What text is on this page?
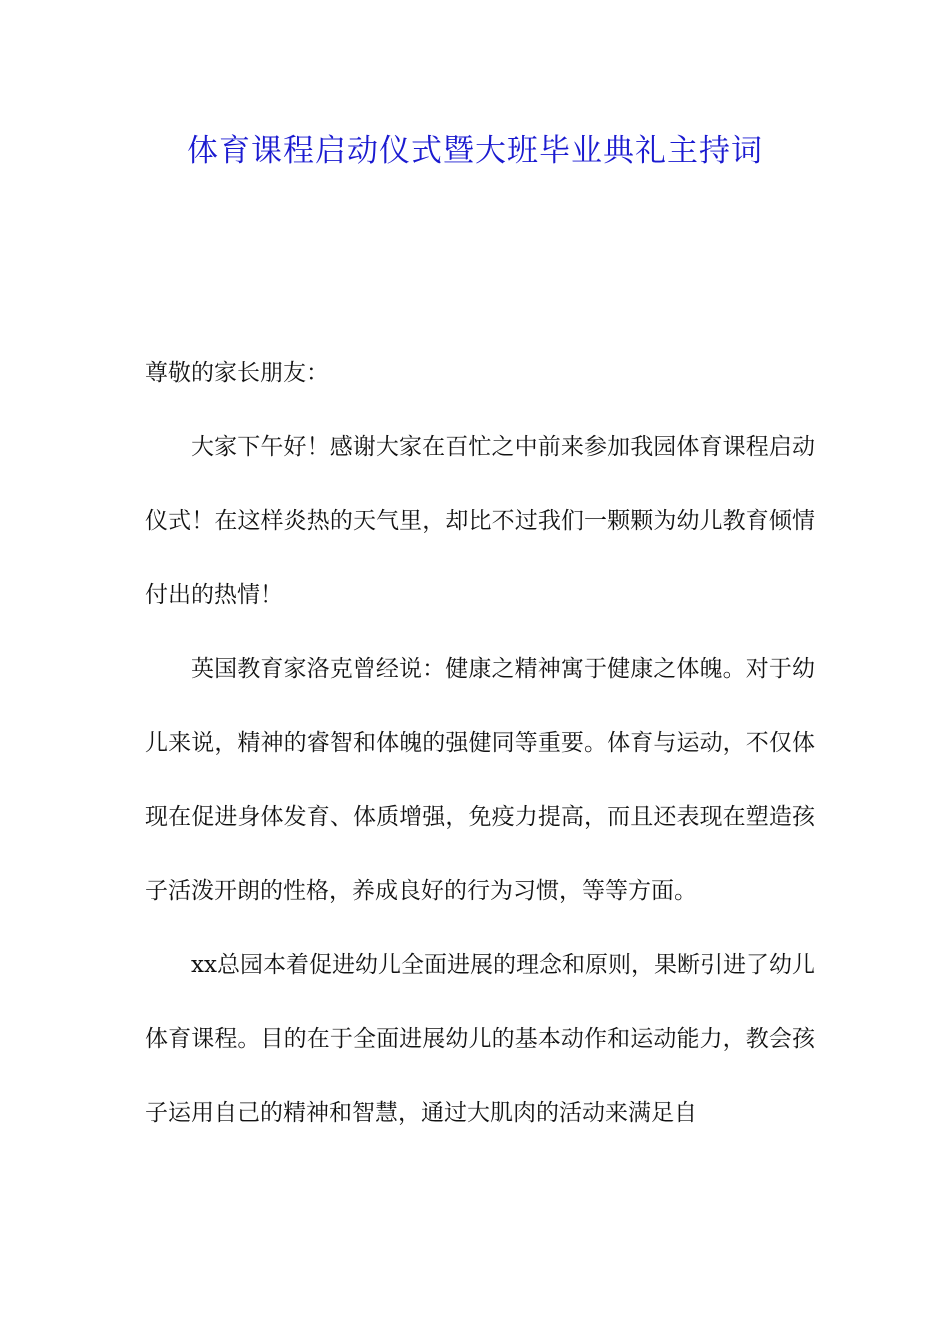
体育课程启动仪式暨大班毕业典礼主持词

尊敬的家长朋友：

大家下午好！感谢大家在百忙之中前来参加我园体育课程启动仪式！在这样炎热的天气里，却比不过我们一颗颗为幼儿教育倾情付出的热情！

英国教育家洛克曾经说：健康之精神寓于健康之体魄。对于幼儿来说，精神的睿智和体魄的强健同等重要。体育与运动，不仅体现在促进身体发育、体质增强，免疫力提高，而且还表现在塑造孩子活泼开朗的性格，养成良好的行为习惯，等等方面。

xx总园本着促进幼儿全面进展的理念和原则，果断引进了幼儿体育课程。目的在于全面进展幼儿的基本动作和运动能力，教会孩子运用自己的精神和智慧，通过大肌肉的活动来满足自
